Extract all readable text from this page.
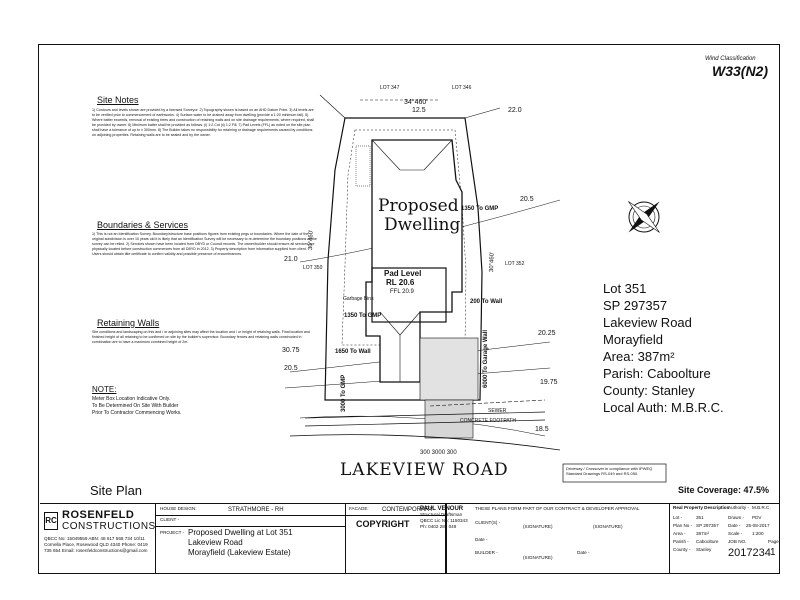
Wind Classification
W33(N2)
Site Notes
1) Contours and levels shown are provided by a licensed Surveyor. 2) Topography shown is based on an AHD Datum Point. 3) All levels are to be verified prior to commencement of earthworks. 4) Surface water to be drained away from dwelling (provide a 1:20 minimum fall). 5) Where batter exceeds, removal of existing trees and construction of retaining walls and on site drainage requirements, where required, shall be provided by owner. 6) Minimum batter shall be provided as follows: (i) 1:2 Cut (ii) 1:2 Fill. 7) Pad Levels (FFL) as noted on the site plan shall have a tolerance of up to ± 300mm. 8) The Builder takes no responsibility for retaining or drainage requirements caused by conditions on adjoining properties. Retaining walls are to be sealed and by the owner.
Boundaries & Services
1) This is not an Identification Survey. Boundary/structure base positions figures from existing pegs or boundaries. Where the date of the original subdivision is over 10 years old it is likely that an Identification Survey will be necessary to re-determine the boundary positions as the survey can be relied. 2) Services shown have been located from DBYD or Council records. The owner/builder should ensure all services are physically located before construction commences from all DBYD in 2012. 3) Property description from information supplied from client. Users should obtain title certificate to confirm validity and possible presence of encumbrances.
Retaining Walls
Site conditions and landscaping on this and / or adjoining sites may affect the location and / or height of retaining walls. Final location and finished height of all retaining to be confirmed on site by the builder's supervisor. Boundary fences and retaining walls constructed in combination are to have a maximum combined height of 2m.
NOTE:
Meter Box Location Indicative Only.
To Be Determined On Site With Builder
Prior To Contractor Commencing Works.
LOT 347	LOT 346
LOT 350
LOT 352
34°460'
12.5	22.0
20.5
21.0
30°460'
30°460'
Proposed
Dwelling
Pad Level
RL 20.6
FFL 20.9
1350 To GMP
200 To Wall
1350 To GMP
Garbage Bins
1650 To Wall
3000 To GMP
6000 To Garage Wall
30.75
20.5
20.25
19.75
18.5
SEWER
CONCRETE FOOTPATH
Driveway / Crossover in compliance with IPWEQ Standard Drawings RS-049 and RS-050.
300 3000 300
LAKEVIEW ROAD
Lot 351
SP 297357
Lakeview Road
Morayfield
Area: 387m²
Parish: Caboolture
County: Stanley
Local Auth: M.B.R.C.
Site Plan	Site Coverage: 47.5%
RC ROSENFELD
CONSTRUCTIONS
QBCC No: 15049559 ABN: 48 617 568 734 10/11 Cornella Place, Rosewood QLD 4340 Phone: 0419 735 654 Email: rosenfeldconstructions@gmail.com
HOUSE DESIGN:	STRATHMORE - RH
CLIENT -
PROJECT - Proposed Dwelling at Lot 351
Lakeview Road
Morayfield (Lakeview Estate)
FACADE: CONTEMPORARY
COPYRIGHT
PAUL VENOUR
Structural Draftsman
QBCC Lic No: 1150343
Ph: 0402 289 049
THESE PLANS FORM PART OF OUR CONTRACT & DEVELOPER APPROVAL
CLIENT(S) -
(SIGNATURE)	(SIGNATURE)
Date -
BUILDER -
(SIGNATURE)
Date -
Real Property Description
Lot -	351
Plan No - SP 297357
Area - 387m²
Parish - Caboolture
County - Stanley
Authority - M.B.R.C.
Drawn - PDV
Date - 25-08-2017
Scale - 1:200
JOB NO.
2017234
Page
1
